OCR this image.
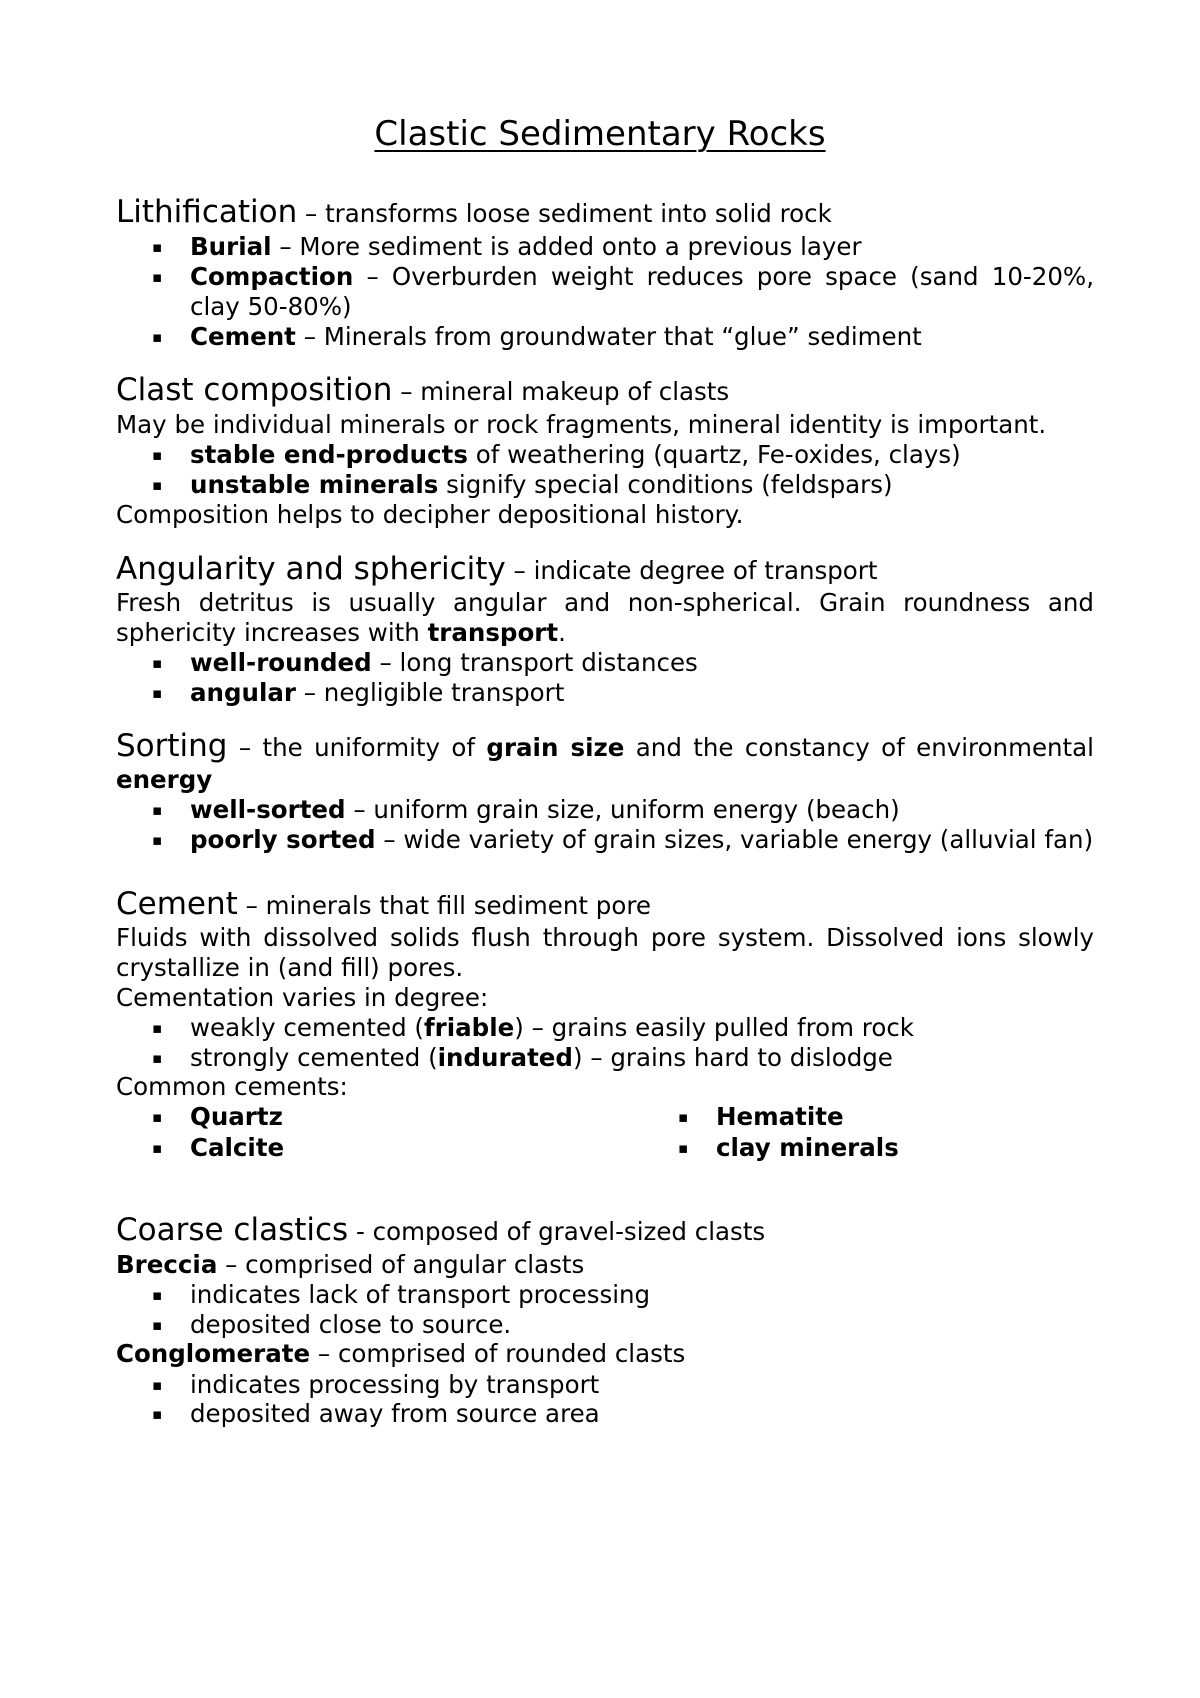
Clastic Sedimentary Rocks
Lithification – transforms loose sediment into solid rock
▪ Burial – More sediment is added onto a previous layer
▪ Compaction – Overburden weight reduces pore space (sand 10-20%,
clay 50-80%)
▪ Cement – Minerals from groundwater that “glue” sediment
Clast composition – mineral makeup of clasts
May be individual minerals or rock fragments, mineral identity is important.
▪ stable end-products of weathering (quartz, Fe-oxides, clays)
▪ unstable minerals signify special conditions (feldspars)
Composition helps to decipher depositional history.
Angularity and sphericity – indicate degree of transport
Fresh detritus is usually angular and non-spherical. Grain roundness and
sphericity increases with transport.
▪ well-rounded – long transport distances
▪ angular – negligible transport
Sorting – the uniformity of grain size and the constancy of environmental
energy
▪ well-sorted – uniform grain size, uniform energy (beach)
▪ poorly sorted – wide variety of grain sizes, variable energy (alluvial fan)
Cement – minerals that fill sediment pore
Fluids with dissolved solids flush through pore system. Dissolved ions slowly
crystallize in (and fill) pores.
Cementation varies in degree:
▪ weakly cemented (friable) – grains easily pulled from rock
▪ strongly cemented (indurated) – grains hard to dislodge
Common cements:
▪ Quartz
▪ Calcite
▪ Hematite
▪ clay minerals
Coarse clastics - composed of gravel-sized clasts
Breccia – comprised of angular clasts
▪ indicates lack of transport processing
▪ deposited close to source.
Conglomerate – comprised of rounded clasts
▪ indicates processing by transport
▪ deposited away from source area
